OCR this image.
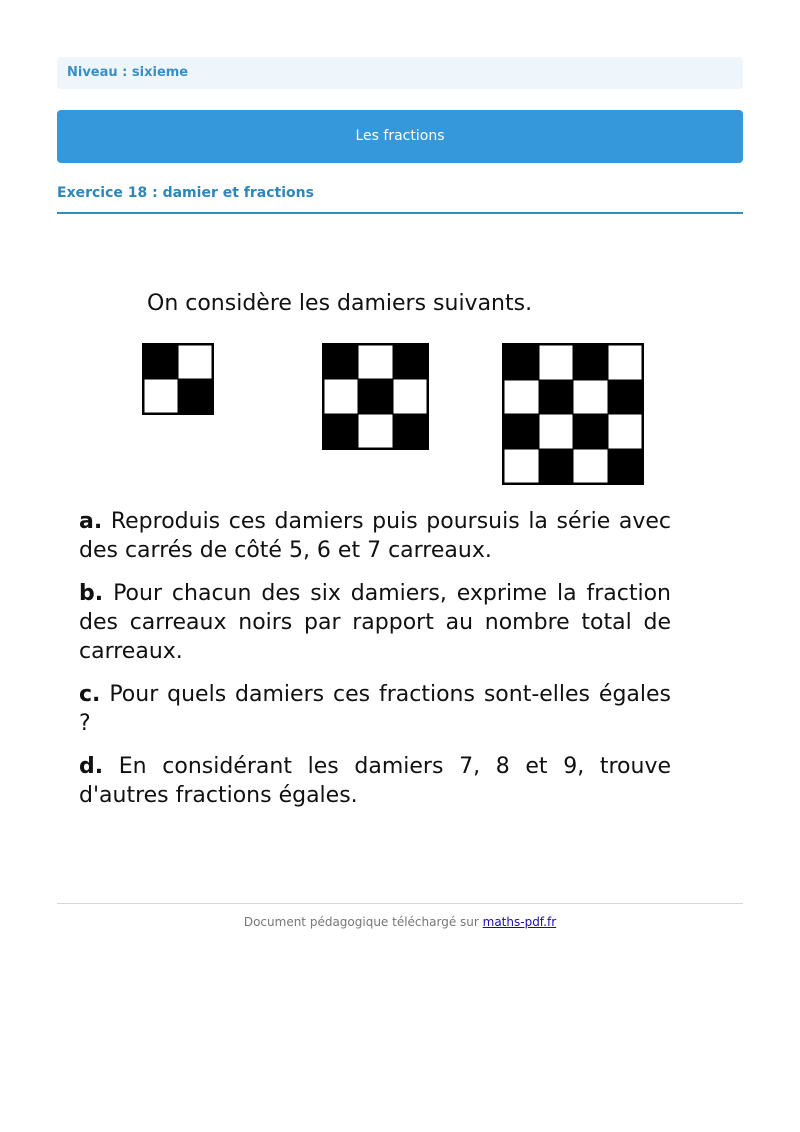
Niveau : sixieme
Les fractions
Exercice 18 : damier et fractions
On considère les damiers suivants.
a. Reproduis ces damiers puis poursuis la série avec des carrés de côté 5, 6 et 7 carreaux.
b. Pour chacun des six damiers, exprime la fraction des carreaux noirs par rapport au nombre total de carreaux.
c. Pour quels damiers ces fractions sont-elles égales ?
d. En considérant les damiers 7, 8 et 9, trouve d'autres fractions égales.
Document pédagogique téléchargé sur maths-pdf.fr
